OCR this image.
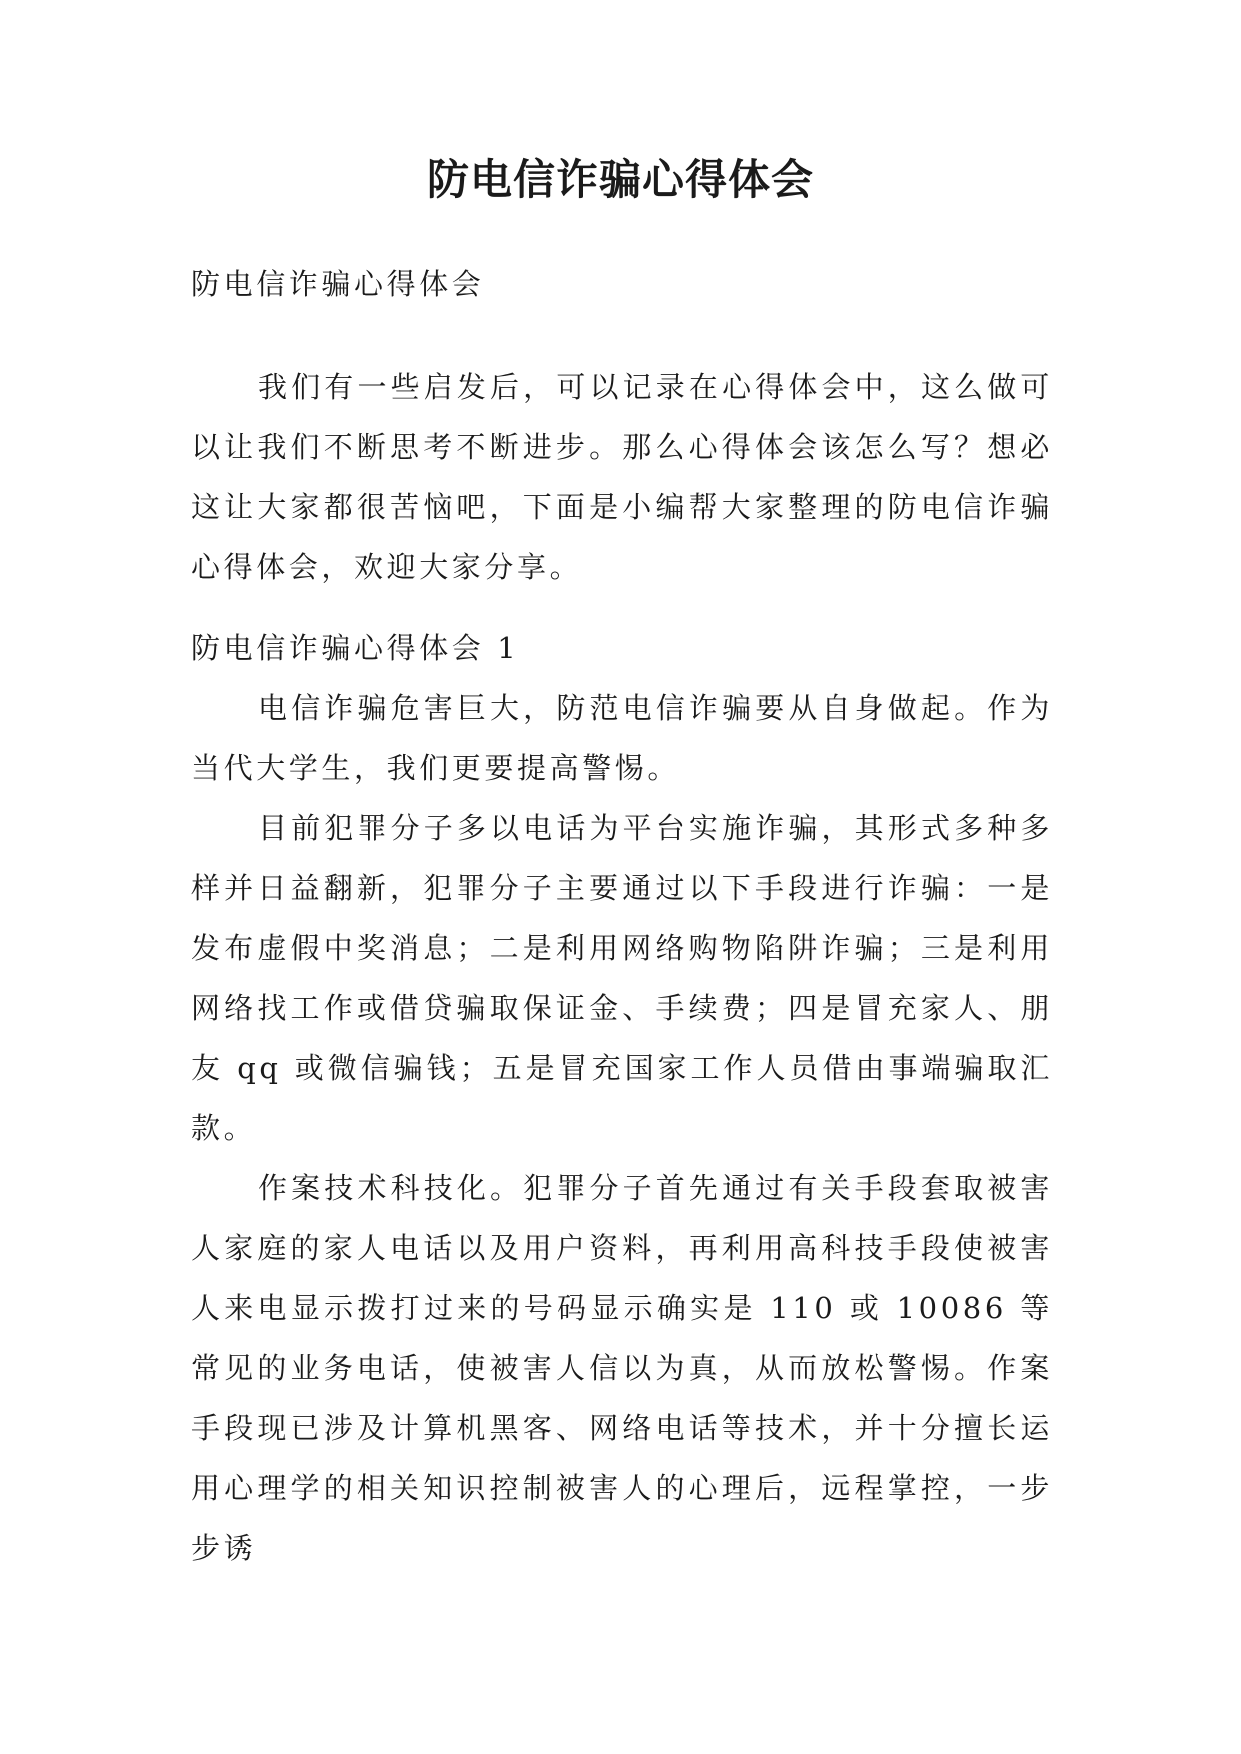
防电信诈骗心得体会

防电信诈骗心得体会

我们有一些启发后，可以记录在心得体会中，这么做可以让我们不断思考不断进步。那么心得体会该怎么写？想必这让大家都很苦恼吧，下面是小编帮大家整理的防电信诈骗心得体会，欢迎大家分享。

防电信诈骗心得体会 1

电信诈骗危害巨大，防范电信诈骗要从自身做起。作为当代大学生，我们更要提高警惕。

目前犯罪分子多以电话为平台实施诈骗，其形式多种多样并日益翻新，犯罪分子主要通过以下手段进行诈骗：一是发布虚假中奖消息；二是利用网络购物陷阱诈骗；三是利用网络找工作或借贷骗取保证金、手续费；四是冒充家人、朋友 qq 或微信骗钱；五是冒充国家工作人员借由事端骗取汇款。

作案技术科技化。犯罪分子首先通过有关手段套取被害人家庭的家人电话以及用户资料，再利用高科技手段使被害人来电显示拨打过来的号码显示确实是 110 或 10086 等常见的业务电话，使被害人信以为真，从而放松警惕。作案手段现已涉及计算机黑客、网络电话等技术，并十分擅长运用心理学的相关知识控制被害人的心理后，远程掌控，一步步诱
